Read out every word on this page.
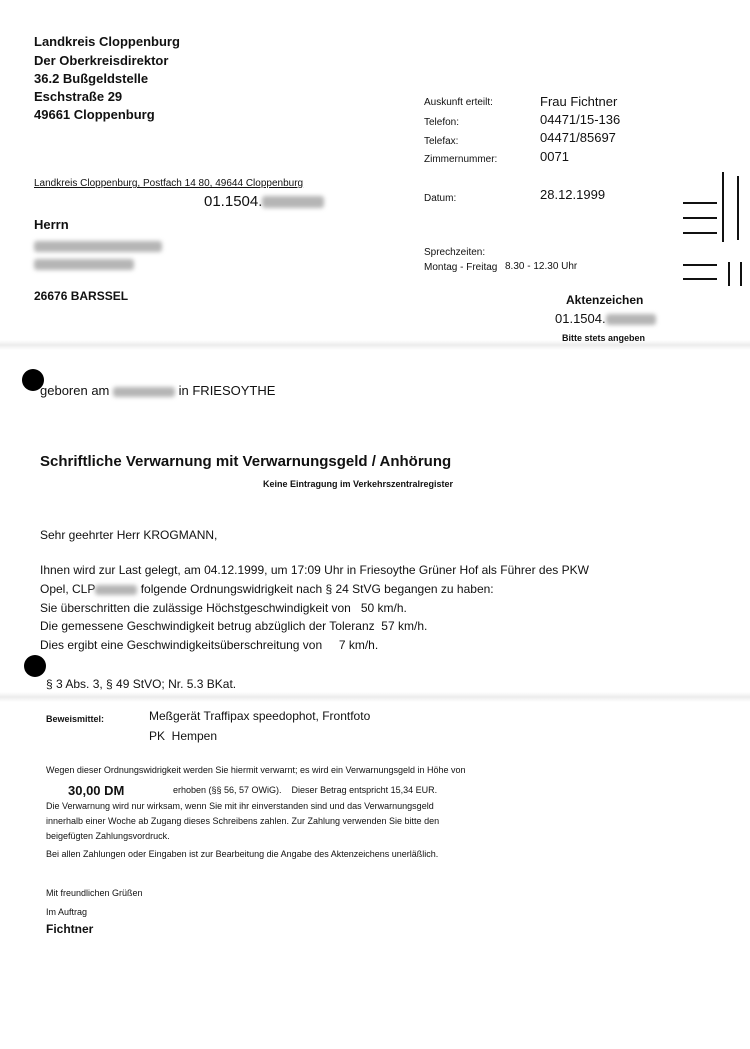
Landkreis Cloppenburg
Der Oberkreisdirektor
36.2 Bußgeldstelle
Eschstraße 29
49661 Cloppenburg
Auskunft erteilt:	Frau Fichtner
Telefon:	04471/15-136
Telefax:	04471/85697
Zimmernummer:	0071
Landkreis Cloppenburg, Postfach 14 80, 49644 Cloppenburg
01.1504.	Datum:	28.12.1999
Herrn
26676 BARSSEL
Sprechzeiten:
Montag - Freitag 8.30 - 12.30 Uhr
Aktenzeichen
01.1504.
Bitte stets angeben
geboren am	in FRIESOYTHE
Schriftliche Verwarnung mit Verwarnungsgeld / Anhörung
Keine Eintragung im Verkehrszentralregister
Sehr geehrter Herr KROGMANN,
Ihnen wird zur Last gelegt, am 04.12.1999, um 17:09 Uhr in Friesoythe Grüner Hof als Führer des PKW
Opel, CLP	folgende Ordnungswidrigkeit nach § 24 StVG begangen zu haben:
Sie überschritten die zulässige Höchstgeschwindigkeit von   50 km/h.
Die gemessene Geschwindigkeit betrug abzüglich der Toleranz  57 km/h.
Dies ergibt eine Geschwindigkeitsüberschreitung von     7 km/h.
§ 3 Abs. 3, § 49 StVO; Nr. 5.3 BKat.
Beweismittel:	Meßgerät Traffipax speedophot, Frontfoto
PK  Hempen
Wegen dieser Ordnungswidrigkeit werden Sie hiermit verwarnt; es wird ein Verwarnungsgeld in Höhe von
30,00 DM	erhoben (§§ 56, 57 OWiG).    Dieser Betrag entspricht 15,34 EUR.
Die Verwarnung wird nur wirksam, wenn Sie mit ihr einverstanden sind und das Verwarnungsgeld
innerhalb einer Woche ab Zugang dieses Schreibens zahlen. Zur Zahlung verwenden Sie bitte den
beigefügten Zahlungsvordruck.
Bei allen Zahlungen oder Eingaben ist zur Bearbeitung die Angabe des Aktenzeichens unerläßlich.
Mit freundlichen Grüßen
Im Auftrag
Fichtner
